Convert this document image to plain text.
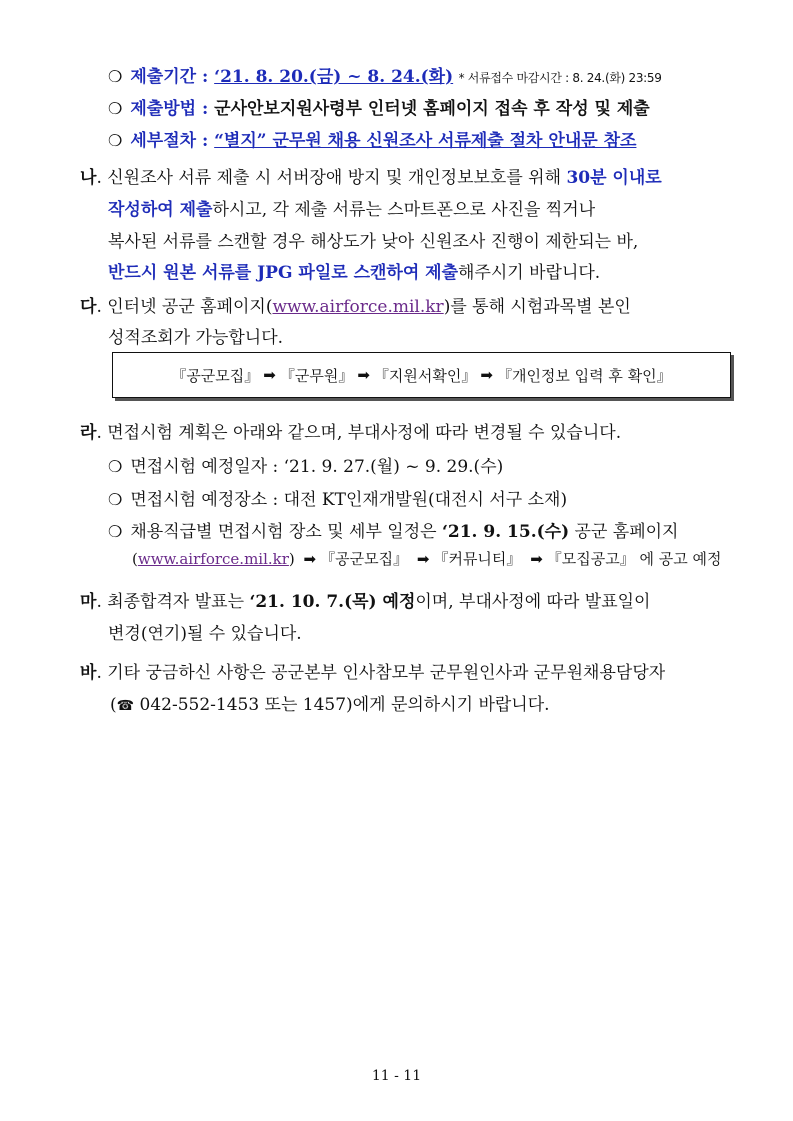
❍ 제출기간 : ‘21. 8. 20.(금) ~ 8. 24.(화) * 서류접수 마감시간 : 8. 24.(화) 23:59
❍ 제출방법 : 군사안보지원사령부 인터넷 홈페이지 접속 후 작성 및 제출
❍ 세부절차 : “별지” 군무원 채용 신원조사 서류제출 절차 안내문 참조
나. 신원조사 서류 제출 시 서버장애 방지 및 개인정보보호를 위해 30분 이내로
작성하여 제출하시고, 각 제출 서류는 스마트폰으로 사진을 찍거나
복사된 서류를 스캔할 경우 해상도가 낮아 신원조사 진행이 제한되는 바,
반드시 원본 서류를 JPG 파일로 스캔하여 제출해주시기 바랍니다.
다. 인터넷 공군 홈페이지(www.airforce.mil.kr)를 통해 시험과목별 본인
성적조회가 가능합니다.
『공군모집』 ➡ 『군무원』 ➡ 『지원서확인』 ➡ 『개인정보 입력 후 확인』
라. 면접시험 계획은 아래와 같으며, 부대사정에 따라 변경될 수 있습니다.
❍ 면접시험 예정일자 : ‘21. 9. 27.(월) ~ 9. 29.(수)
❍ 면접시험 예정장소 : 대전 KT인재개발원(대전시 서구 소재)
❍ 채용직급별 면접시험 장소 및 세부 일정은 ‘21. 9. 15.(수) 공군 홈페이지
(www.airforce.mil.kr) ➡ 『공군모집』 ➡ 『커뮤니티』 ➡ 『모집공고』 에 공고 예정
마. 최종합격자 발표는 ‘21. 10. 7.(목) 예정이며, 부대사정에 따라 발표일이
변경(연기)될 수 있습니다.
바. 기타 궁금하신 사항은 공군본부 인사참모부 군무원인사과 군무원채용담당자
(☎ 042-552-1453 또는 1457)에게 문의하시기 바랍니다.
11 - 11
